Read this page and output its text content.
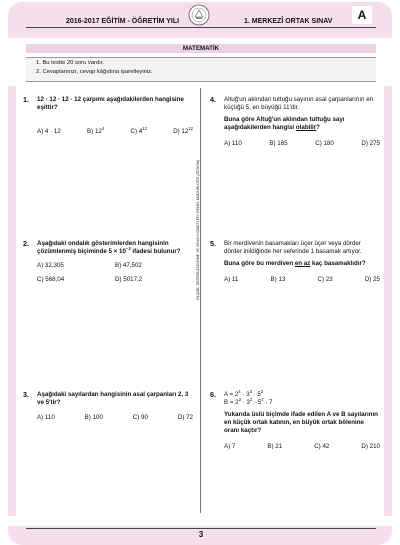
2016-2017 EĞİTİM - ÖĞRETİM YILI	1. MERKEZÎ ORTAK SINAV	A
MATEMATİK
1. Bu testte 20 soru vardır.
2. Cevaplarınızı, cevap kâğıdına işaretleyiniz.
ÖLÇME, DEĞERLENDİRME VE SINAV HİZMETLERİ GENEL MÜDÜRLÜĞÜ (ÖDSGM)
1. 12 · 12 · 12 · 12 çarpımı aşağıdakilerden hangisine eşittir?
A) 4 · 12	B) $12^4$	C) $4^{12}$	D) $12^{12}$
2. Aşağıdaki ondalık gösterimlerden hangisinin çözümlenmiş biçiminde $5 \times 10^{-3}$ ifadesi bulunur?
A) 32,305	B) 47,502
C) 568,04	D) 5017,2
3. Aşağıdaki sayılardan hangisinin asal çarpanları 2, 3 ve 5'tir?
A) 110	B) 100	C) 90	D) 72
4. Altuğ'un aklından tuttuğu sayının asal çarpanlarının en küçüğü 5, en büyüğü 11'dir.
Buna göre Altuğ'un aklından tuttuğu sayı aşağıdakilerden hangisi olabilir?
A) 110	B) 165	C) 180	D) 275
5. Bir merdivenin basamakları üçer üçer veya dörder dörder inildiğinde her seferinde 1 basamak artıyor.
Buna göre bu merdiven en az kaç basamaklıdır?
A) 11	B) 13	C) 23	D) 25
6. $A = 2^4 \cdot 3^3 \cdot 5^2$
$B = 2^3 \cdot 3^2 \cdot 5^2 \cdot 7$
Yukarıda üslü biçimde ifade edilen A ve B sayılarının en küçük ortak katının, en büyük ortak bölenine oranı kaçtır?
A) 7	B) 21	C) 42	D) 210
3
